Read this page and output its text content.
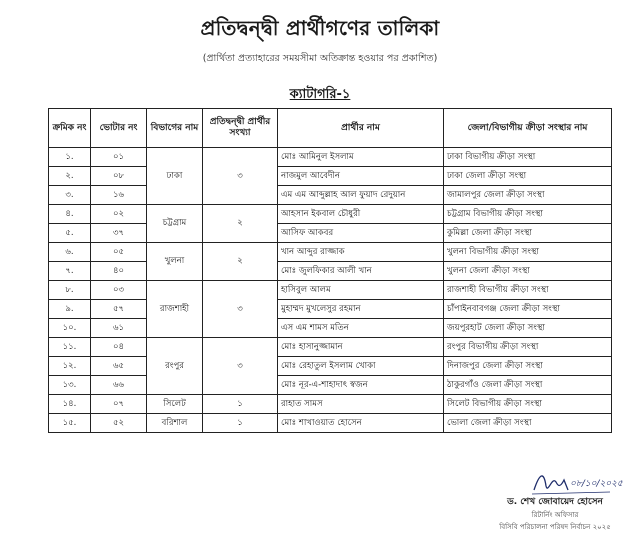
প্রতিদ্বন্দ্বী প্রার্থীগণের তালিকা
(প্রার্থিতা প্রত্যাহারের সময়সীমা অতিক্রান্ত হওয়ার পর প্রকাশিত)
ক্যাটাগরি-১
ক্রমিক নং	ভোটার নং	বিভাগের নাম	প্রতিদ্বন্দ্বী প্রার্থীর সংখ্যা	প্রার্থীর নাম	জেলা/বিভাগীয় ক্রীড়া সংস্থার নাম
১.	০১	ঢাকা	৩	মোঃ আমিনুল ইসলাম	ঢাকা বিভাগীয় ক্রীড়া সংস্থা
২.	০৮			নাজমুল আবেদীন	ঢাকা জেলা ক্রীড়া সংস্থা
৩.	১৬			এম এম আব্দুল্লাহ আল ফুয়াদ রেদুয়ান	জামালপুর জেলা ক্রীড়া সংস্থা
৪.	০২	চট্টগ্রাম	২	আহসান ইকবাল চৌধুরী	চট্টগ্রাম বিভাগীয় ক্রীড়া সংস্থা
৫.	৩৭			আসিফ আকবর	কুমিল্লা জেলা ক্রীড়া সংস্থা
৬.	০৫	খুলনা	২	খান আব্দুর রাজ্জাক	খুলনা বিভাগীয় ক্রীড়া সংস্থা
৭.	৪০			মোঃ জুলফিকার আলী খান	খুলনা জেলা ক্রীড়া সংস্থা
৮.	০৩	রাজশাহী	৩	হাসিবুল আলম	রাজশাহী বিভাগীয় ক্রীড়া সংস্থা
৯.	৫৭			মুহাম্মদ মুখলেসুর রহমান	চাঁপাইনবাবগঞ্জ জেলা ক্রীড়া সংস্থা
১০.	৬১			এস এম শামস মতিন	জয়পুরহাট জেলা ক্রীড়া সংস্থা
১১.	০৪	রংপুর	৩	মোঃ হাসানুজ্জামান	রংপুর বিভাগীয় ক্রীড়া সংস্থা
১২.	৬৫			মোঃ রেহাতুল ইসলাম খোকা	দিনাজপুর জেলা ক্রীড়া সংস্থা
১৩.	৬৬			মোঃ নূর-এ-শাহাদাৎ স্বজন	ঠাকুরগাঁও জেলা ক্রীড়া সংস্থা
১৪.	০৭	সিলেট	১	রাহাত সামস	সিলেট বিভাগীয় ক্রীড়া সংস্থা
১৫.	৫২	বরিশাল	১	মোঃ শাখাওয়াত হোসেন	ভোলা জেলা ক্রীড়া সংস্থা
০৮/১০/২০২৫
ড. শেখ জোবায়েদ হোসেন
রিটার্নিং অফিসার
বিসিবি পরিচালনা পরিষদ নির্বাচন ২০২৫
